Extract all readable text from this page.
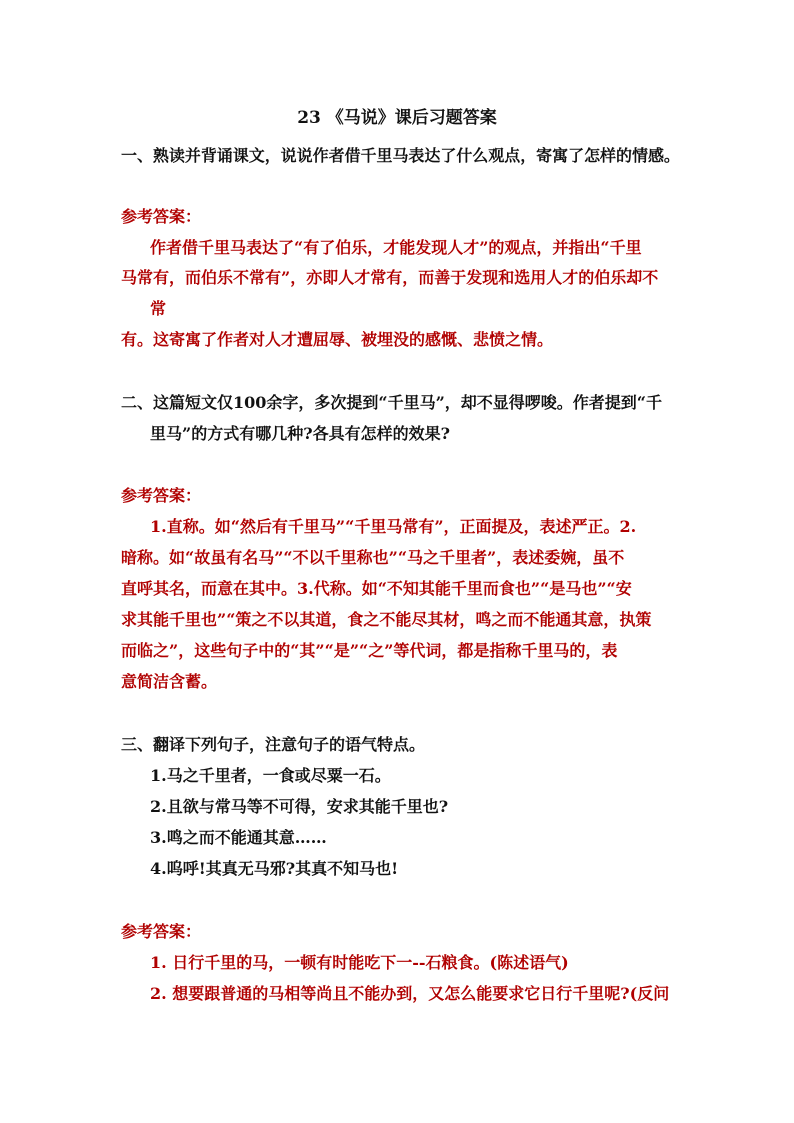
23 《马说》课后习题答案
一、熟读并背诵课文，说说作者借千里马表达了什么观点，寄寓了怎样的情感。
参考答案：
作者借千里马表达了“有了伯乐，才能发现人才”的观点，并指出“千里
马常有，而伯乐不常有”，亦即人才常有，而善于发现和选用人才的伯乐却不
常
有。这寄寓了作者对人才遭屈辱、被埋没的感慨、悲愤之情。
二、这篇短文仅100余字，多次提到“千里马”，却不显得啰唆。作者提到“千
里马”的方式有哪几种?各具有怎样的效果?
参考答案：
1.直称。如“然后有千里马”“千里马常有”，正面提及，表述严正。2.
暗称。如“故虽有名马”“不以千里称也”“马之千里者”，表述委婉，虽不
直呼其名，而意在其中。3.代称。如“不知其能千里而食也”“是马也”“安
求其能千里也”“策之不以其道，食之不能尽其材，鸣之而不能通其意，执策
而临之”，这些句子中的“其”“是”“之”等代词，都是指称千里马的，表
意简洁含蓄。
三、翻译下列句子，注意句子的语气特点。
1.马之千里者，一食或尽粟一石。
2.且欲与常马等不可得，安求其能千里也?
3.鸣之而不能通其意……
4.呜呼!其真无马邪?其真不知马也!
参考答案：
1. 日行千里的马，一顿有时能吃下一--石粮食。(陈述语气)
2. 想要跟普通的马相等尚且不能办到，又怎么能要求它日行千里呢?(反问
